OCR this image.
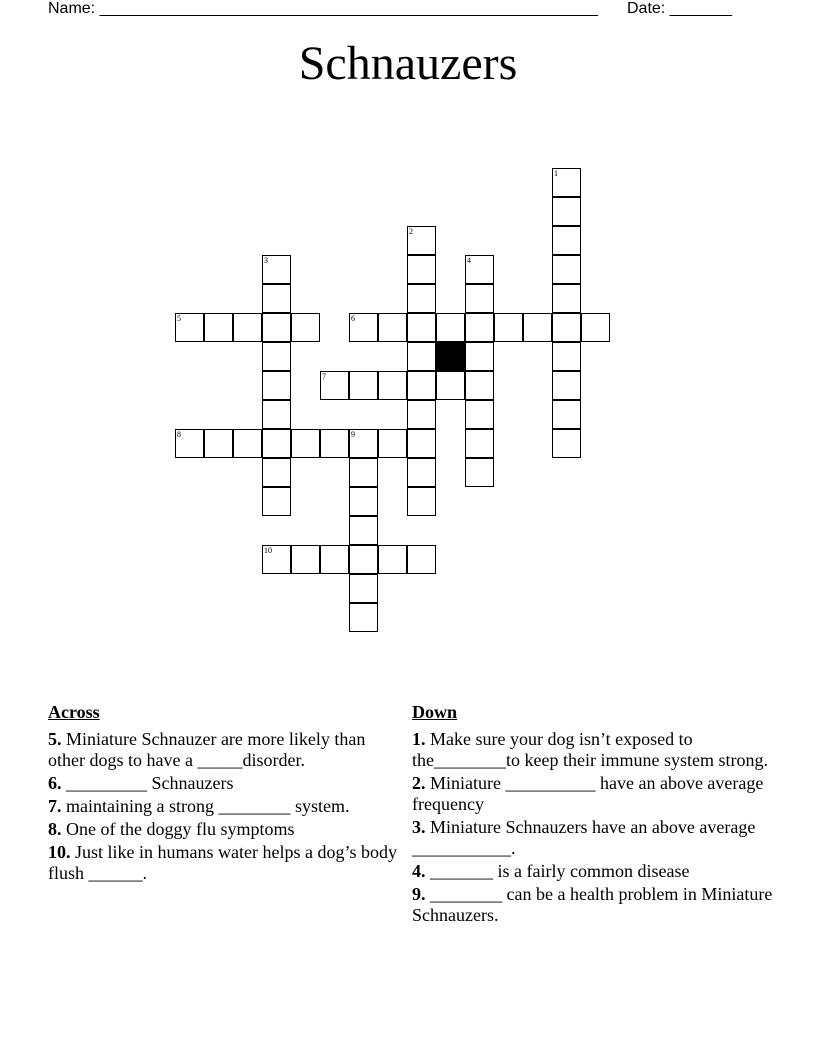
Name: ________________________________________________________ Date: _______
Schnauzers
1
2
3	4
5	6
7
8	9
10
Across
5. Miniature Schnauzer are more likely than other dogs to have a _____disorder.
6. _________ Schnauzers
7. maintaining a strong ________ system.
8. One of the doggy flu symptoms
10. Just like in humans water helps a dog’s body flush ______.
Down
1. Make sure your dog isn’t exposed to the________to keep their immune system strong.
2. Miniature __________ have an above average frequency
3. Miniature Schnauzers have an above average ___________.
4. _______ is a fairly common disease
9. ________ can be a health problem in Miniature Schnauzers.
